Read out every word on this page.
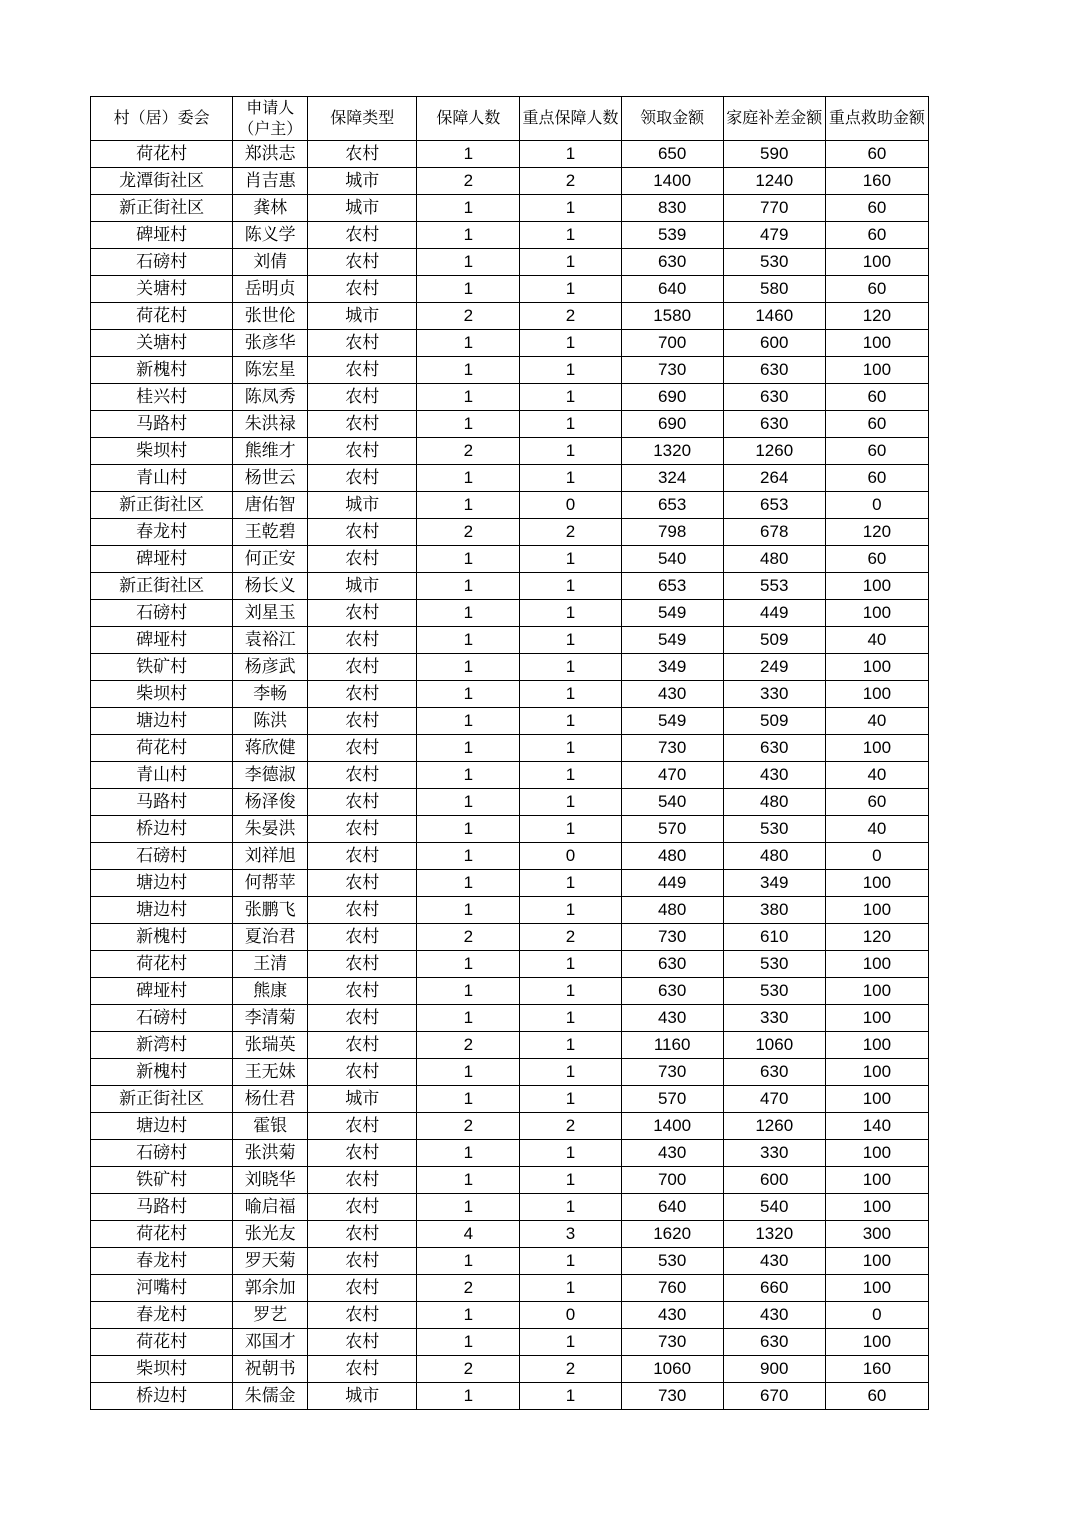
村（居）委会	申请人（户主）	保障类型	保障人数	重点保障人数	领取金额	家庭补差金额	重点救助金额
荷花村	郑洪志	农村	1	1	650	590	60
龙潭街社区	肖吉惠	城市	2	2	1400	1240	160
新正街社区	龚林	城市	1	1	830	770	60
碑垭村	陈义学	农村	1	1	539	479	60
石磅村	刘倩	农村	1	1	630	530	100
关塘村	岳明贞	农村	1	1	640	580	60
荷花村	张世伦	城市	2	2	1580	1460	120
关塘村	张彦华	农村	1	1	700	600	100
新槐村	陈宏星	农村	1	1	730	630	100
桂兴村	陈凤秀	农村	1	1	690	630	60
马路村	朱洪禄	农村	1	1	690	630	60
柴坝村	熊维才	农村	2	1	1320	1260	60
青山村	杨世云	农村	1	1	324	264	60
新正街社区	唐佑智	城市	1	0	653	653	0
春龙村	王乾碧	农村	2	2	798	678	120
碑垭村	何正安	农村	1	1	540	480	60
新正街社区	杨长义	城市	1	1	653	553	100
石磅村	刘星玉	农村	1	1	549	449	100
碑垭村	袁裕江	农村	1	1	549	509	40
铁矿村	杨彦武	农村	1	1	349	249	100
柴坝村	李畅	农村	1	1	430	330	100
塘边村	陈洪	农村	1	1	549	509	40
荷花村	蒋欣健	农村	1	1	730	630	100
青山村	李德淑	农村	1	1	470	430	40
马路村	杨泽俊	农村	1	1	540	480	60
桥边村	朱晏洪	农村	1	1	570	530	40
石磅村	刘祥旭	农村	1	0	480	480	0
塘边村	何帮苹	农村	1	1	449	349	100
塘边村	张鹏飞	农村	1	1	480	380	100
新槐村	夏治君	农村	2	2	730	610	120
荷花村	王清	农村	1	1	630	530	100
碑垭村	熊康	农村	1	1	630	530	100
石磅村	李清菊	农村	1	1	430	330	100
新湾村	张瑞英	农村	2	1	1160	1060	100
新槐村	王无妹	农村	1	1	730	630	100
新正街社区	杨仕君	城市	1	1	570	470	100
塘边村	霍银	农村	2	2	1400	1260	140
石磅村	张洪菊	农村	1	1	430	330	100
铁矿村	刘晓华	农村	1	1	700	600	100
马路村	喻启福	农村	1	1	640	540	100
荷花村	张光友	农村	4	3	1620	1320	300
春龙村	罗天菊	农村	1	1	530	430	100
河嘴村	郭余加	农村	2	1	760	660	100
春龙村	罗艺	农村	1	0	430	430	0
荷花村	邓国才	农村	1	1	730	630	100
柴坝村	祝朝书	农村	2	2	1060	900	160
桥边村	朱儒金	城市	1	1	730	670	60
